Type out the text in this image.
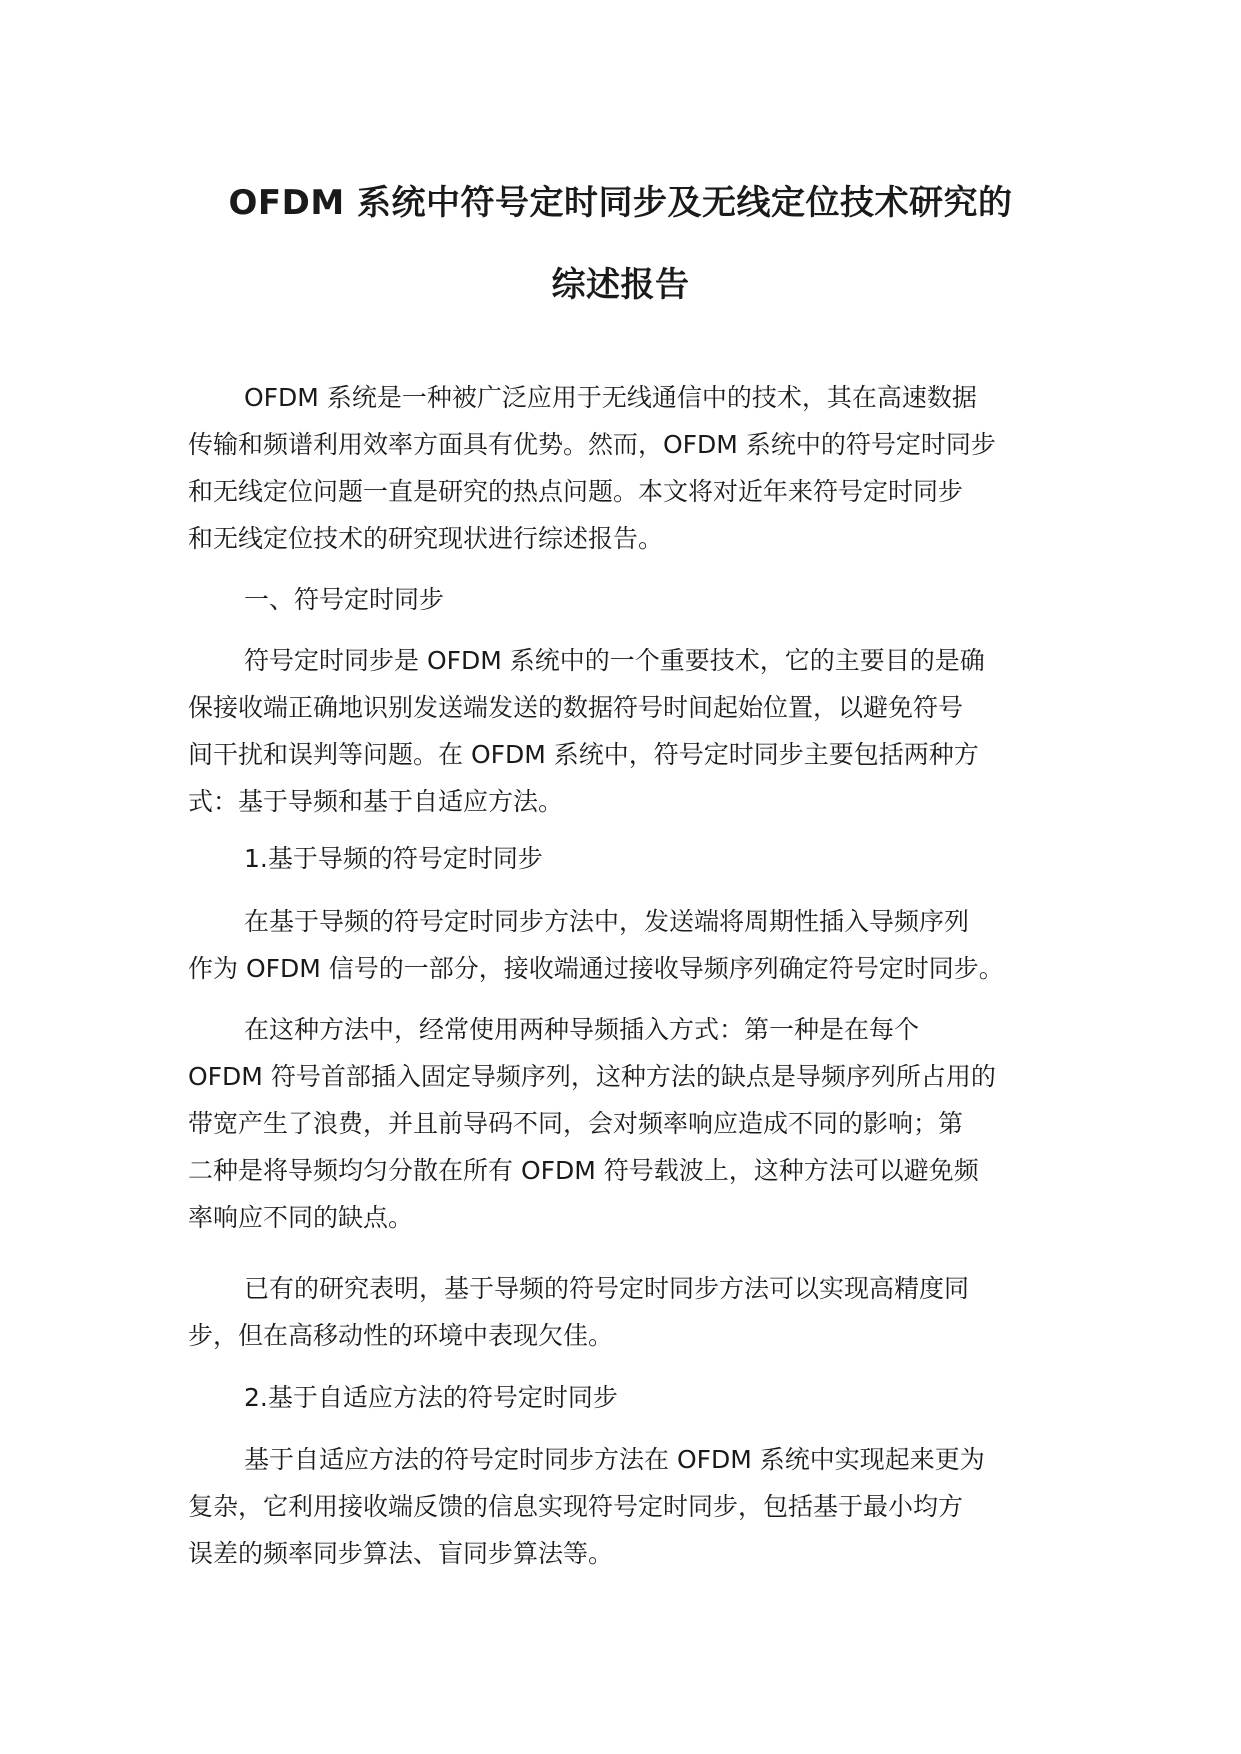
OFDM 系统中符号定时同步及无线定位技术研究的
综述报告

OFDM 系统是一种被广泛应用于无线通信中的技术，其在高速数据
传输和频谱利用效率方面具有优势。然而，OFDM 系统中的符号定时同步
和无线定位问题一直是研究的热点问题。本文将对近年来符号定时同步
和无线定位技术的研究现状进行综述报告。

一、符号定时同步

符号定时同步是 OFDM 系统中的一个重要技术，它的主要目的是确
保接收端正确地识别发送端发送的数据符号时间起始位置，以避免符号
间干扰和误判等问题。在 OFDM 系统中，符号定时同步主要包括两种方
式：基于导频和基于自适应方法。

1.基于导频的符号定时同步

在基于导频的符号定时同步方法中，发送端将周期性插入导频序列
作为 OFDM 信号的一部分，接收端通过接收导频序列确定符号定时同步。

在这种方法中，经常使用两种导频插入方式：第一种是在每个
OFDM 符号首部插入固定导频序列，这种方法的缺点是导频序列所占用的
带宽产生了浪费，并且前导码不同，会对频率响应造成不同的影响；第
二种是将导频均匀分散在所有 OFDM 符号载波上，这种方法可以避免频
率响应不同的缺点。

已有的研究表明，基于导频的符号定时同步方法可以实现高精度同
步，但在高移动性的环境中表现欠佳。

2.基于自适应方法的符号定时同步

基于自适应方法的符号定时同步方法在 OFDM 系统中实现起来更为
复杂，它利用接收端反馈的信息实现符号定时同步，包括基于最小均方
误差的频率同步算法、盲同步算法等。
